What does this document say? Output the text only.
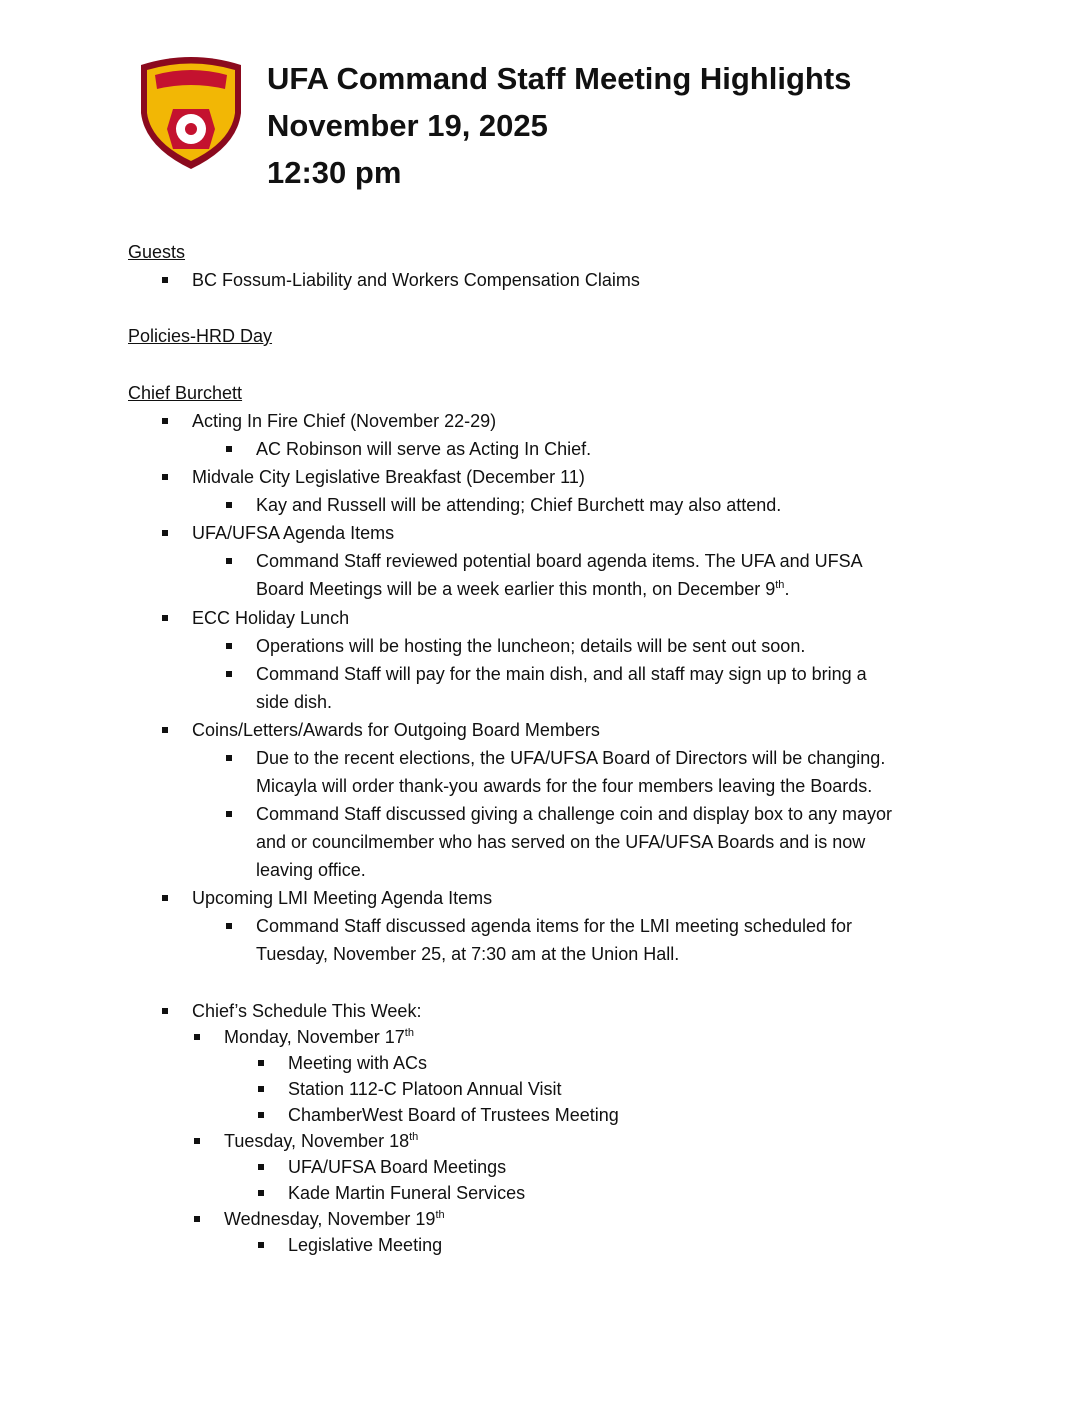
UFA Command Staff Meeting Highlights
November 19, 2025
12:30 pm
Guests
BC Fossum-Liability and Workers Compensation Claims
Policies-HRD Day
Chief Burchett
Acting In Fire Chief (November 22-29)
AC Robinson will serve as Acting In Chief.
Midvale City Legislative Breakfast (December 11)
Kay and Russell will be attending; Chief Burchett may also attend.
UFA/UFSA Agenda Items
Command Staff reviewed potential board agenda items. The UFA and UFSA
Board Meetings will be a week earlier this month, on December 9th.
ECC Holiday Lunch
Operations will be hosting the luncheon; details will be sent out soon.
Command Staff will pay for the main dish, and all staff may sign up to bring a
side dish.
Coins/Letters/Awards for Outgoing Board Members
Due to the recent elections, the UFA/UFSA Board of Directors will be changing.
Micayla will order thank-you awards for the four members leaving the Boards.
Command Staff discussed giving a challenge coin and display box to any mayor
and or councilmember who has served on the UFA/UFSA Boards and is now
leaving office.
Upcoming LMI Meeting Agenda Items
Command Staff discussed agenda items for the LMI meeting scheduled for
Tuesday, November 25, at 7:30 am at the Union Hall.
Chief’s Schedule This Week:
Monday, November 17th
Meeting with ACs
Station 112-C Platoon Annual Visit
ChamberWest Board of Trustees Meeting
Tuesday, November 18th
UFA/UFSA Board Meetings
Kade Martin Funeral Services
Wednesday, November 19th
Legislative Meeting
